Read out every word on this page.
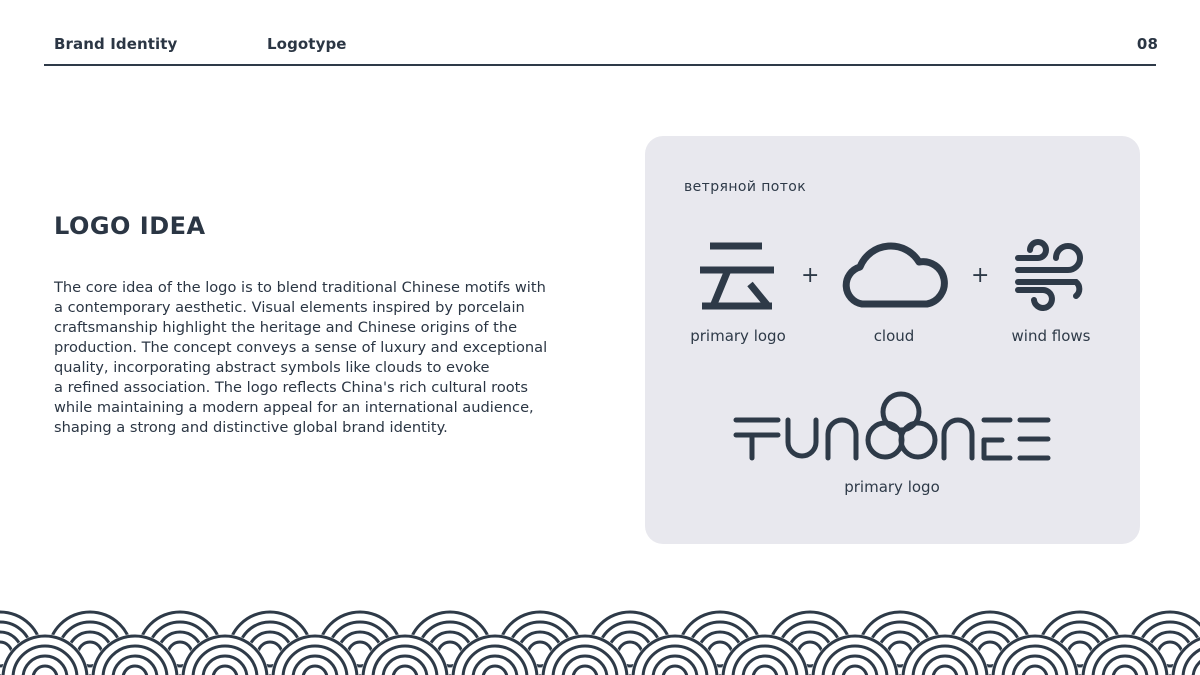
Brand Identity	Logotype	08
LOGO IDEA

The core idea of the logo is to blend traditional Chinese motifs with
a contemporary aesthetic. Visual elements inspired by porcelain
craftsmanship highlight the heritage and Chinese origins of the
production. The concept conveys a sense of luxury and exceptional
quality, incorporating abstract symbols like clouds to evoke
a refined association. The logo reflects China's rich cultural roots
while maintaining a modern appeal for an international audience,
shaping a strong and distinctive global brand identity.

ветряной поток
+	+
primary logo	cloud	wind flows
primary logo
